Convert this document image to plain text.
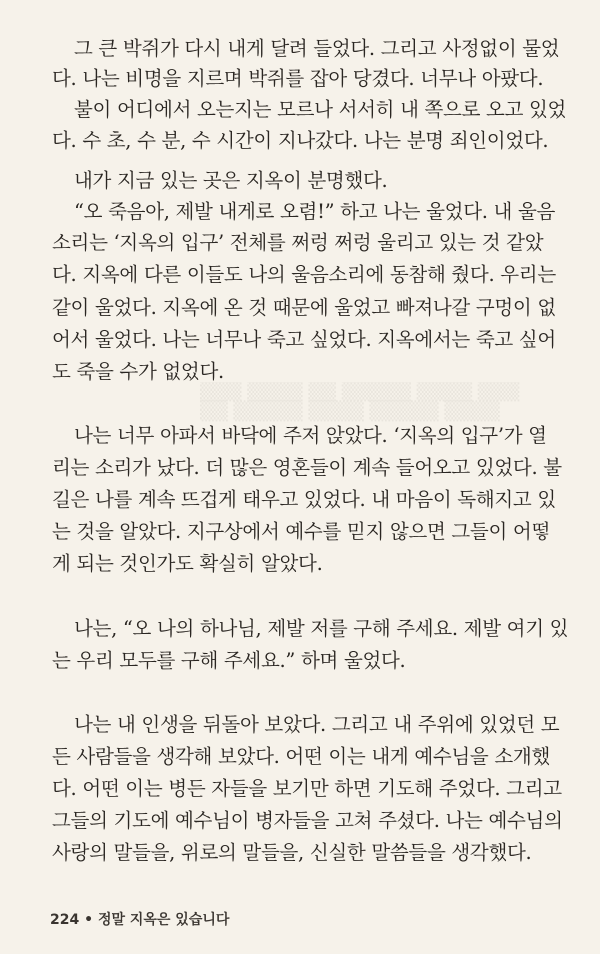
▒▒▒ ▒▒▒▒ ▒▒ ▒▒▒▒▒ ▒▒▒▒ ▒▒▒
▒▒ ▒▒▒▒▒ ▒▒▒▒ ▒▒▒▒▒ ▒▒▒▒
그 큰 박쥐가 다시 내게 달려 들었다. 그리고 사정없이 물었
다. 나는 비명을 지르며 박쥐를 잡아 당겼다. 너무나 아팠다.
불이 어디에서 오는지는 모르나 서서히 내 쪽으로 오고 있었
다. 수 초, 수 분, 수 시간이 지나갔다. 나는 분명 죄인이었다.
내가 지금 있는 곳은 지옥이 분명했다.
“오 죽음아, 제발 내게로 오렴!” 하고 나는 울었다. 내 울음
소리는 ‘지옥의 입구’ 전체를 쩌렁 쩌렁 울리고 있는 것 같았
다. 지옥에 다른 이들도 나의 울음소리에 동참해 줬다. 우리는
같이 울었다. 지옥에 온 것 때문에 울었고 빠져나갈 구멍이 없
어서 울었다. 나는 너무나 죽고 싶었다. 지옥에서는 죽고 싶어
도 죽을 수가 없었다.
나는 너무 아파서 바닥에 주저 앉았다. ‘지옥의 입구’가 열
리는 소리가 났다. 더 많은 영혼들이 계속 들어오고 있었다. 불
길은 나를 계속 뜨겁게 태우고 있었다. 내 마음이 독해지고 있
는 것을 알았다. 지구상에서 예수를 믿지 않으면 그들이 어떻
게 되는 것인가도 확실히 알았다.
나는, “오 나의 하나님, 제발 저를 구해 주세요. 제발 여기 있
는 우리 모두를 구해 주세요.” 하며 울었다.
나는 내 인생을 뒤돌아 보았다. 그리고 내 주위에 있었던 모
든 사람들을 생각해 보았다. 어떤 이는 내게 예수님을 소개했
다. 어떤 이는 병든 자들을 보기만 하면 기도해 주었다. 그리고
그들의 기도에 예수님이 병자들을 고쳐 주셨다. 나는 예수님의
사랑의 말들을, 위로의 말들을, 신실한 말씀들을 생각했다.
224 • 정말 지옥은 있습니다
